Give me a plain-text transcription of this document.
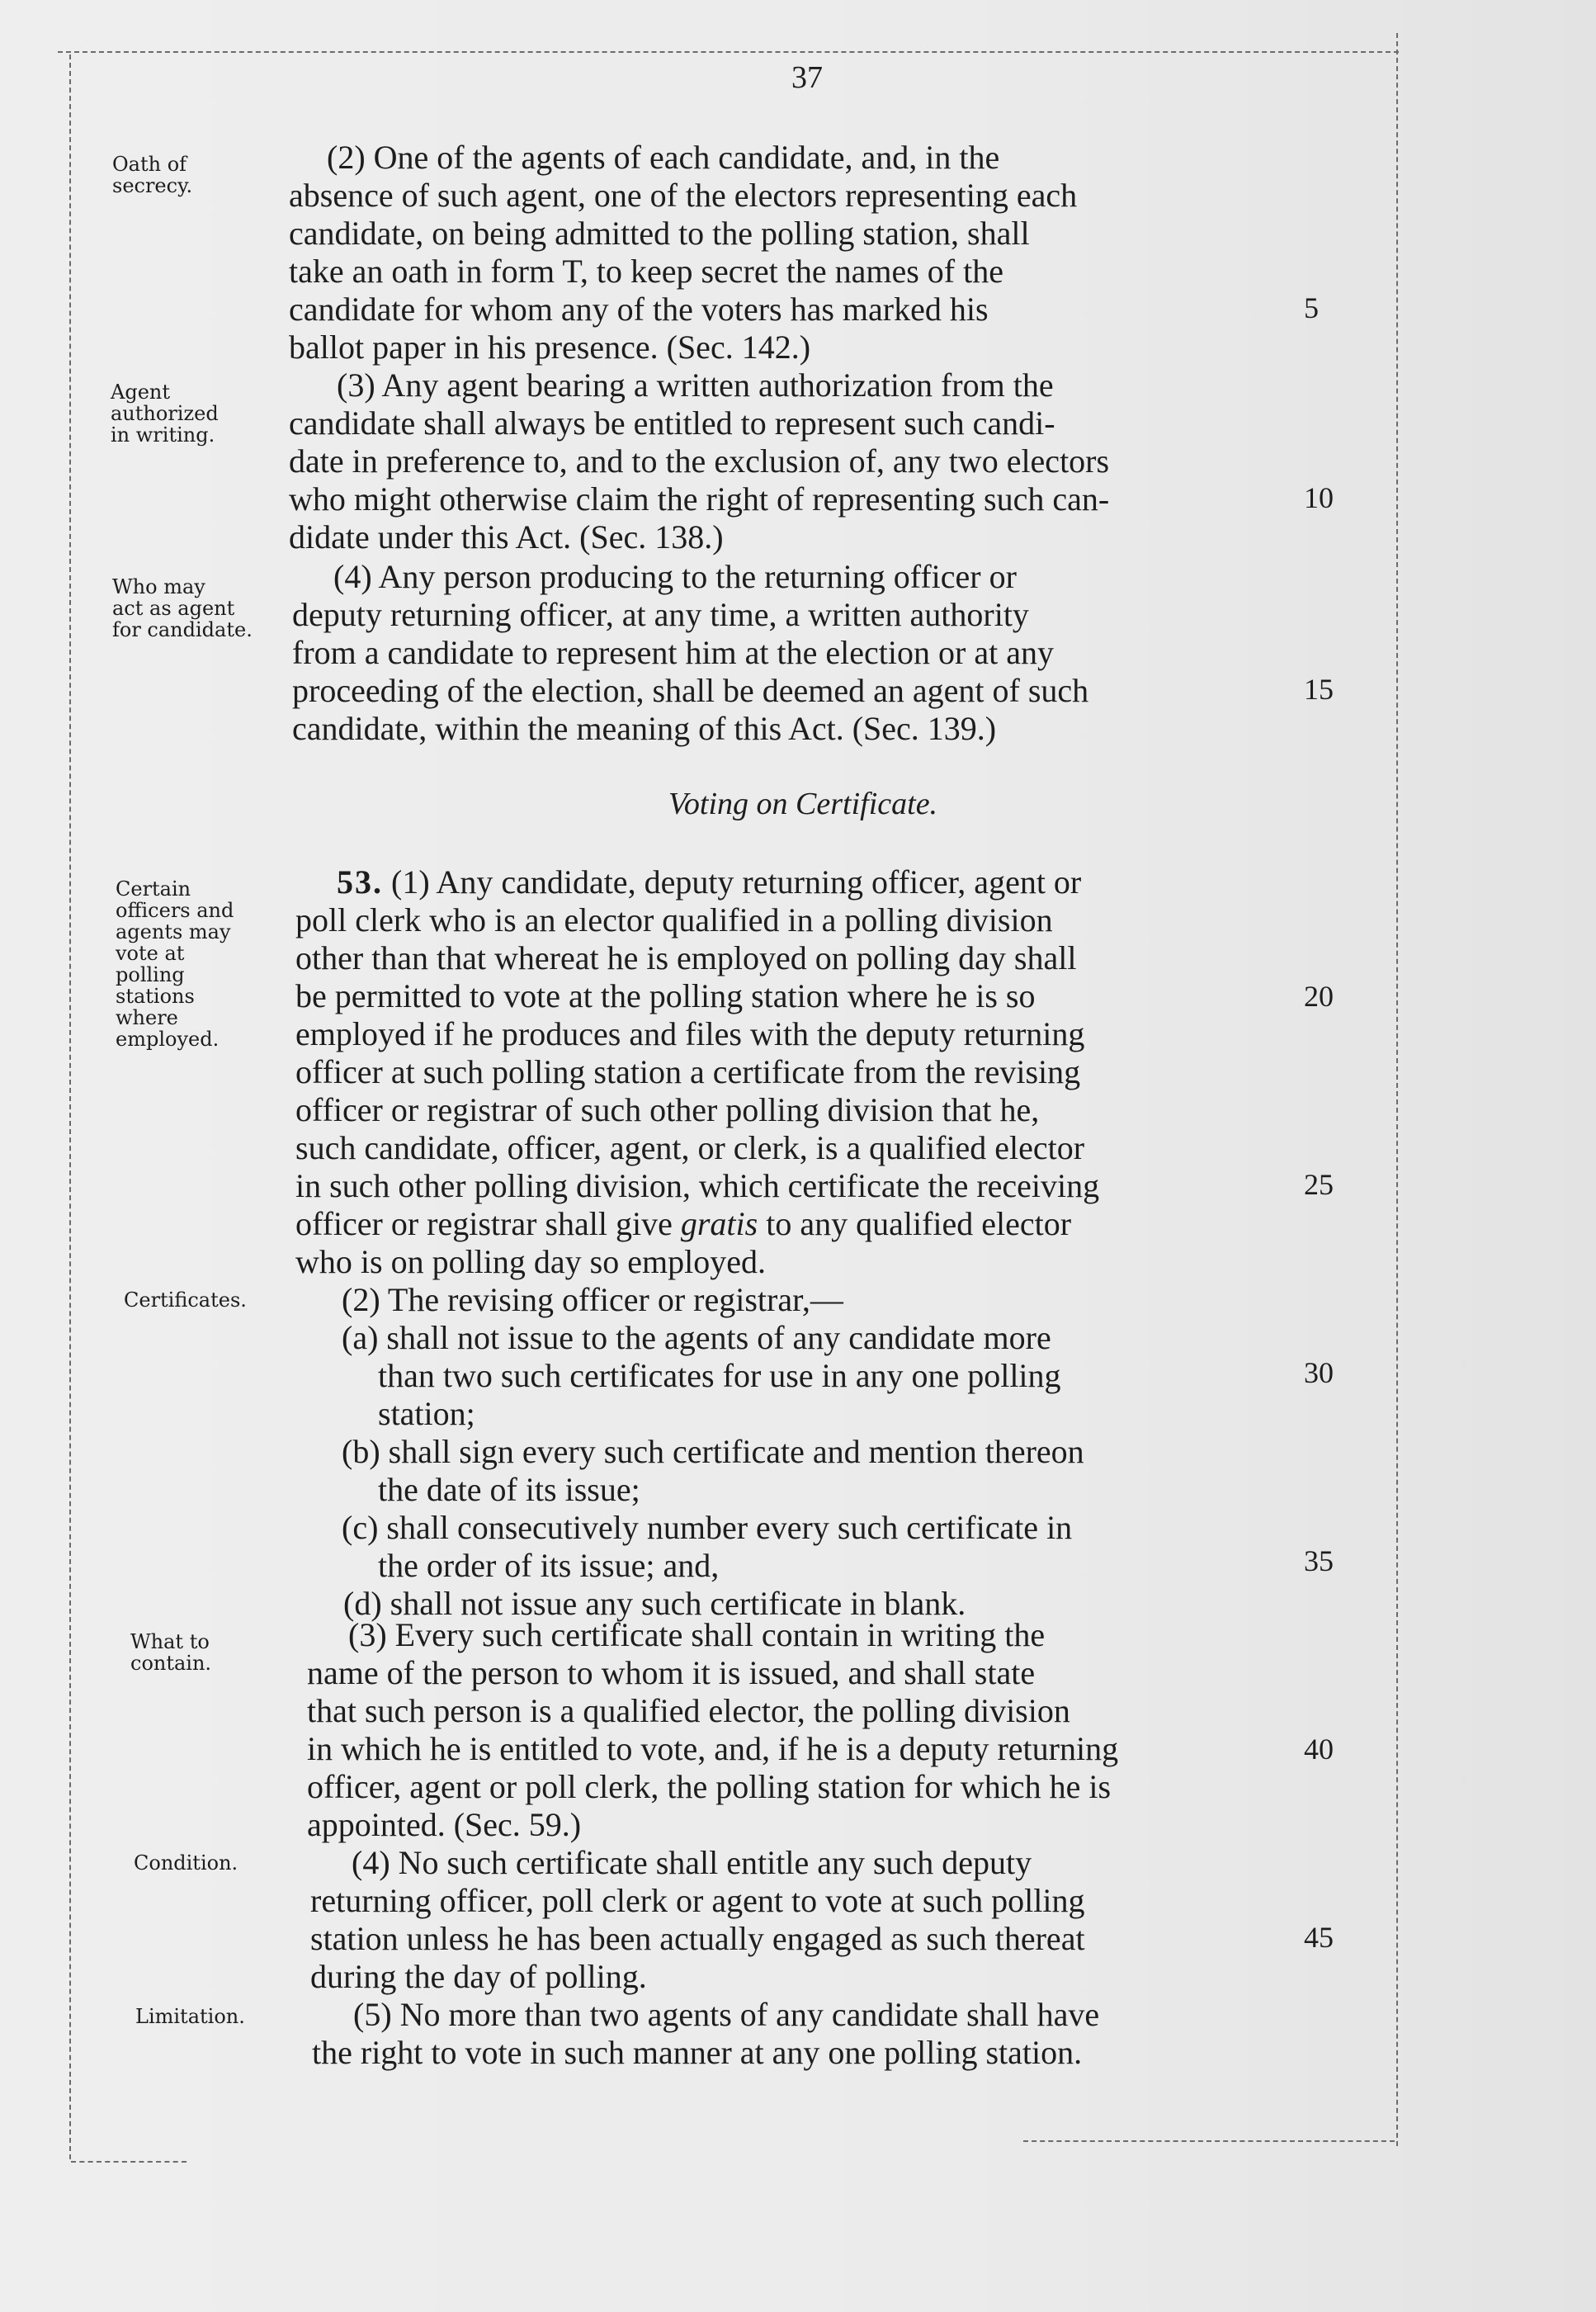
37
Oath of
secrecy.
Agent
authorized
in writing.
Who may
act as agent
for candidate.
Certain
officers and
agents may
vote at
polling
stations
where
employed.
Certificates.
What to
contain.
Condition.
Limitation.
(2) One of the agents of each candidate, and, in the
absence of such agent, one of the electors representing each
candidate, on being admitted to the polling station, shall
take an oath in form T, to keep secret the names of the
candidate for whom any of the voters has marked his
ballot paper in his presence. (Sec. 142.)
(3) Any agent bearing a written authorization from the
candidate shall always be entitled to represent such candi-
date in preference to, and to the exclusion of, any two electors
who might otherwise claim the right of representing such can-
didate under this Act. (Sec. 138.)
(4) Any person producing to the returning officer or
deputy returning officer, at any time, a written authority
from a candidate to represent him at the election or at any
proceeding of the election, shall be deemed an agent of such
candidate, within the meaning of this Act. (Sec. 139.)
Voting on Certificate.
53. (1) Any candidate, deputy returning officer, agent or
poll clerk who is an elector qualified in a polling division
other than that whereat he is employed on polling day shall
be permitted to vote at the polling station where he is so
employed if he produces and files with the deputy returning
officer at such polling station a certificate from the revising
officer or registrar of such other polling division that he,
such candidate, officer, agent, or clerk, is a qualified elector
in such other polling division, which certificate the receiving
officer or registrar shall give gratis to any qualified elector
who is on polling day so employed.
(2) The revising officer or registrar,—
(a) shall not issue to the agents of any candidate more
than two such certificates for use in any one polling
station;
(b) shall sign every such certificate and mention thereon
the date of its issue;
(c) shall consecutively number every such certificate in
the order of its issue; and,
(d) shall not issue any such certificate in blank.
(3) Every such certificate shall contain in writing the
name of the person to whom it is issued, and shall state
that such person is a qualified elector, the polling division
in which he is entitled to vote, and, if he is a deputy returning
officer, agent or poll clerk, the polling station for which he is
appointed. (Sec. 59.)
(4) No such certificate shall entitle any such deputy
returning officer, poll clerk or agent to vote at such polling
station unless he has been actually engaged as such thereat
during the day of polling.
(5) No more than two agents of any candidate shall have
the right to vote in such manner at any one polling station.
5
10
15
20
25
30
35
40
45
